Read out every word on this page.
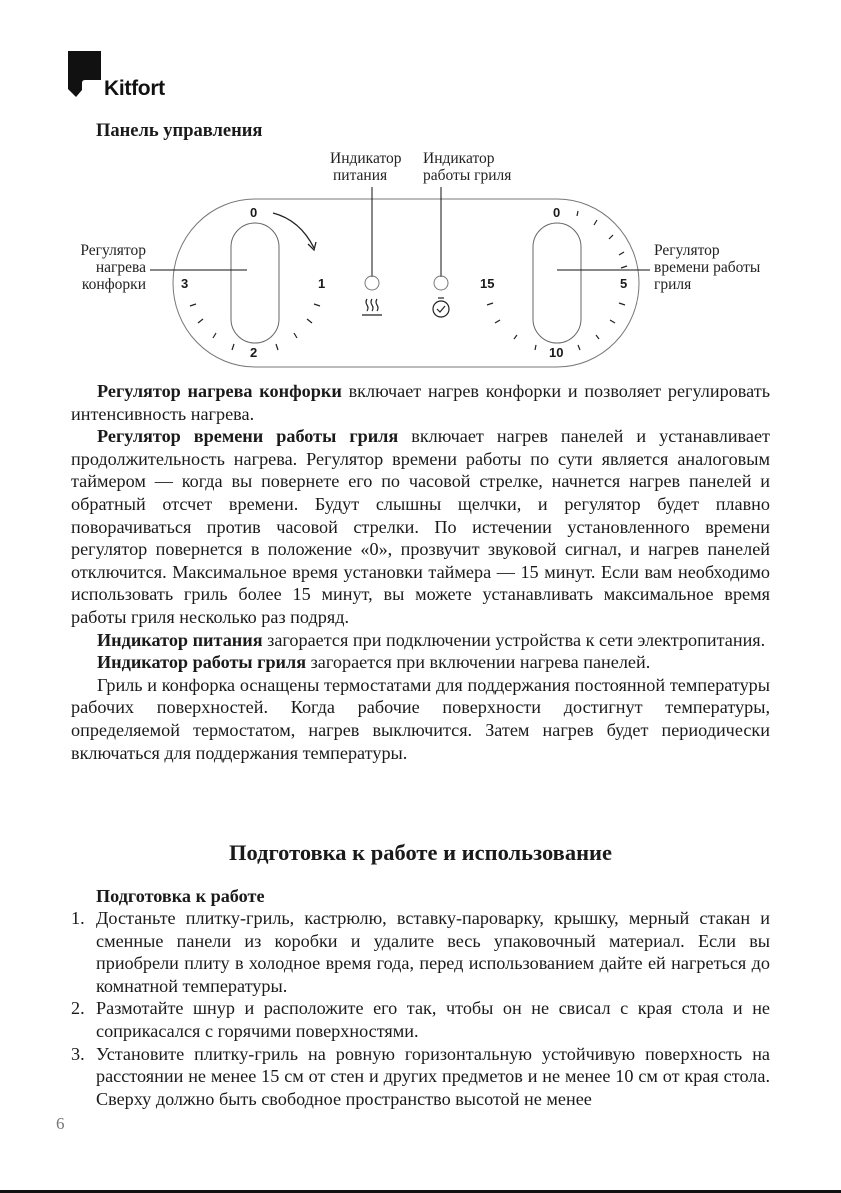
Kitfort
Панель управления
0
1
2
3
0
5
10
15
Индикатор
питания
Индикатор
работы гриля
Регулятор
нагрева
конфорки
Регулятор
времени работы
гриля

Регулятор нагрева конфорки включает нагрев конфорки и позволяет регулировать интенсивность нагрева.

Регулятор времени работы гриля включает нагрев панелей и устанавливает продолжительность нагрева. Регулятор времени работы по сути является аналоговым таймером — когда вы повернете его по часовой стрелке, начнется нагрев панелей и обратный отсчет времени. Будут слышны щелчки, и регулятор будет плавно поворачиваться против часовой стрелки. По истечении установленного времени регулятор повернется в положение «0», прозвучит звуковой сигнал, и нагрев панелей отключится. Максимальное время установки таймера — 15 минут. Если вам необходимо использовать гриль более 15 минут, вы можете устанавливать максимальное время работы гриля несколько раз подряд.

Индикатор питания загорается при подключении устройства к сети электропитания.

Индикатор работы гриля загорается при включении нагрева панелей.

Гриль и конфорка оснащены термостатами для поддержания постоянной температуры рабочих поверхностей. Когда рабочие поверхности достигнут температуры, определяемой термостатом, нагрев выключится. Затем нагрев будет периодически включаться для поддержания температуры.

Подготовка к работе и использование
Подготовка к работе
1. Достаньте плитку-гриль, кастрюлю, вставку-пароварку, крышку, мерный стакан и сменные панели из коробки и удалите весь упаковочный материал. Если вы приобрели плиту в холодное время года, перед использованием дайте ей нагреться до комнатной температуры.
2. Размотайте шнур и расположите его так, чтобы он не свисал с края стола и не соприкасался с горячими поверхностями.
3. Установите плитку-гриль на ровную горизонтальную устойчивую поверхность на расстоянии не менее 15 см от стен и других предметов и не менее 10 см от края стола. Сверху должно быть свободное пространство высотой не менее
6
